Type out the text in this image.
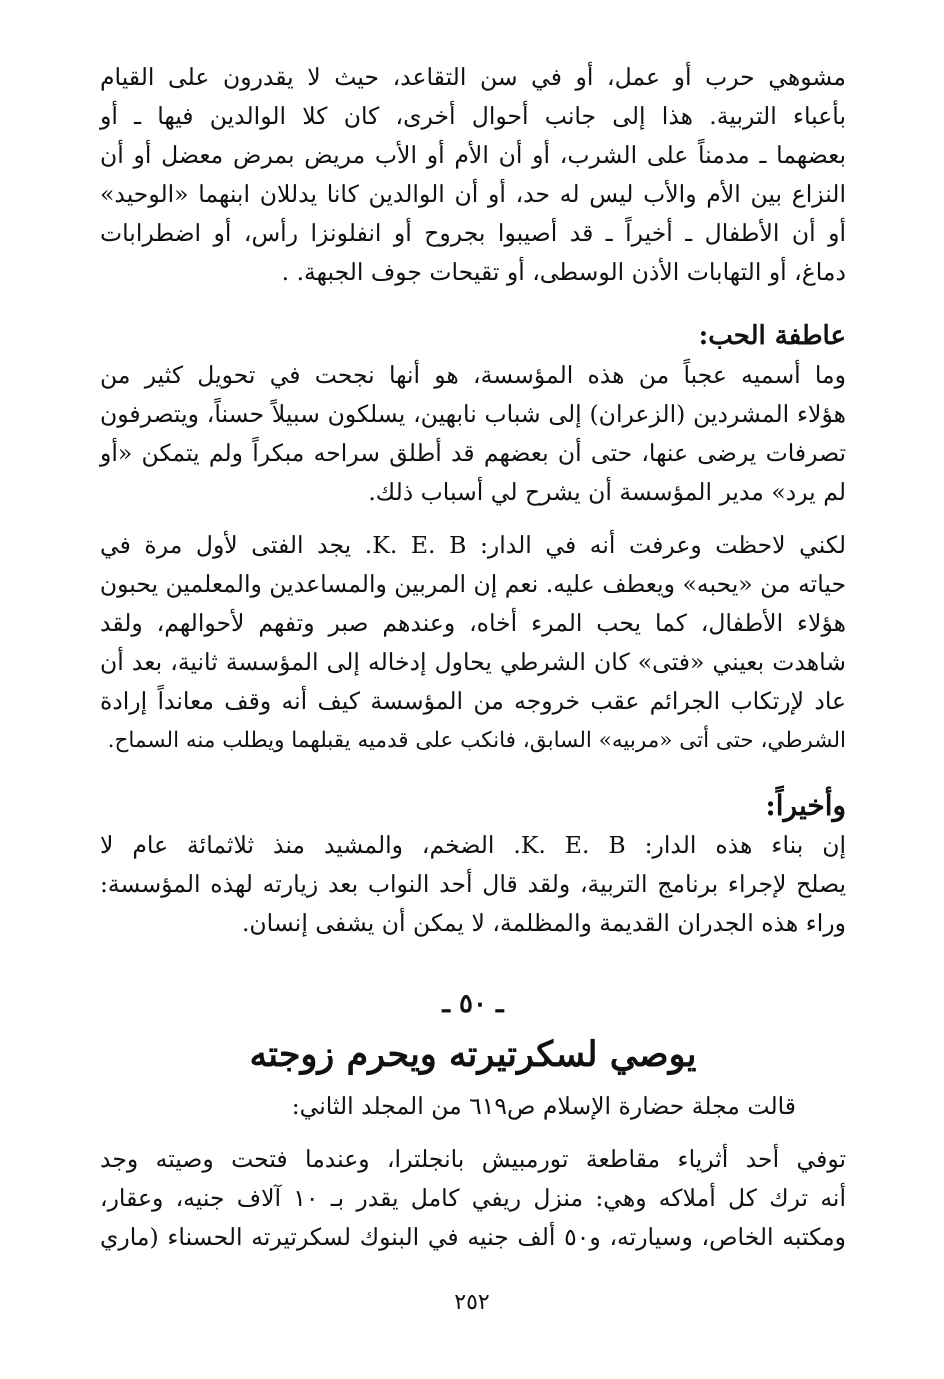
مشوهي حرب أو عمل، أو في سن التقاعد، حيث لا يقدرون على القيام
بأعباء التربية. هذا إلى جانب أحوال أخرى، كان كلا الوالدين فيها ـ أو
بعضهما ـ مدمناً على الشرب، أو أن الأم أو الأب مريض بمرض معضل أو أن
النزاع بين الأم والأب ليس له حد، أو أن الوالدين كانا يدللان ابنهما «الوحيد»
أو أن الأطفال ـ أخيراً ـ قد أصيبوا بجروح أو انفلونزا رأس، أو اضطرابات
دماغ، أو التهابات الأذن الوسطى، أو تقيحات جوف الجبهة. .
عاطفة الحب:
وما أسميه عجباً من هذه المؤسسة، هو أنها نجحت في تحويل كثير من
هؤلاء المشردين (الزعران) إلى شباب نابهين، يسلكون سبيلاً حسناً، ويتصرفون
تصرفات يرضى عنها، حتى أن بعضهم قد أطلق سراحه مبكراً ولم يتمكن «أو
لم يرد» مدير المؤسسة أن يشرح لي أسباب ذلك.
لكني لاحظت وعرفت أنه في الدار: K. E. B. يجد الفتى لأول مرة في
حياته من «يحبه» ويعطف عليه. نعم إن المربين والمساعدين والمعلمين يحبون
هؤلاء الأطفال، كما يحب المرء أخاه، وعندهم صبر وتفهم لأحوالهم، ولقد
شاهدت بعيني «فتى» كان الشرطي يحاول إدخاله إلى المؤسسة ثانية، بعد أن
عاد لإرتكاب الجرائم عقب خروجه من المؤسسة كيف أنه وقف معانداً إرادة
الشرطي، حتى أتى «مربيه» السابق، فانكب على قدميه يقبلهما ويطلب منه السماح.
وأخيراً:
إن بناء هذه الدار: K. E. B. الضخم، والمشيد منذ ثلاثمائة عام لا
يصلح لإجراء برنامج التربية، ولقد قال أحد النواب بعد زيارته لهذه المؤسسة:
وراء هذه الجدران القديمة والمظلمة، لا يمكن أن يشفى إنسان.
ـ ٥٠ ـ
يوصي لسكرتيرته ويحرم زوجته
قالت مجلة حضارة الإسلام ص٦١٩ من المجلد الثاني:
توفي أحد أثرياء مقاطعة تورمبيش بانجلترا، وعندما فتحت وصيته وجد
أنه ترك كل أملاكه وهي: منزل ريفي كامل يقدر بـ ١٠ آلاف جنيه، وعقار،
ومكتبه الخاص، وسيارته، و٥٠ ألف جنيه في البنوك لسكرتيرته الحسناء (ماري
٢٥٢
